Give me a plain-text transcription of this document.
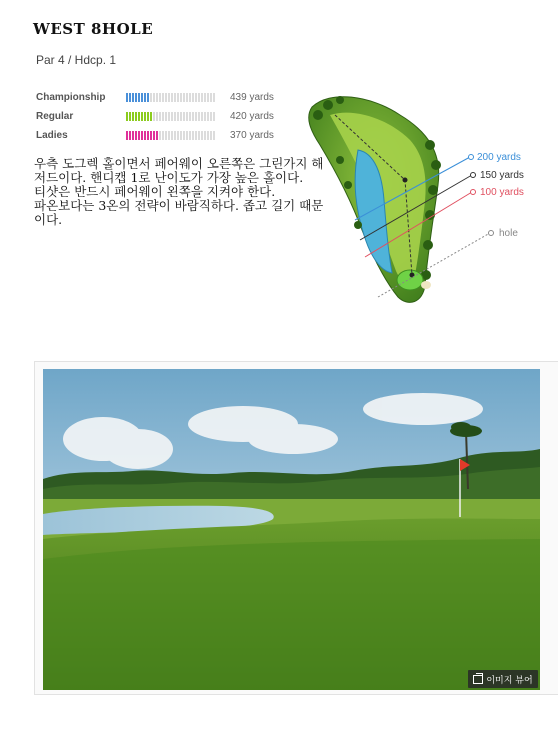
WEST 8HOLE
Par 4 / Hdcp. 1
Championship	439 yards
Regular	420 yards
Ladies	370 yards

우측 도그렉 홀이면서 페어웨이 오른쪽은 그린가지 해저드이다. 핸디캡 1로 난이도가 가장 높은 홀이다.

티샷은 반드시 페어웨이 왼쪽을 지켜야 한다.

파온보다는 3온의 전략이 바람직하다. 좁고 길기 때문이다.

200 yards
150 yards
100 yards
hole
이미지 뷰어
